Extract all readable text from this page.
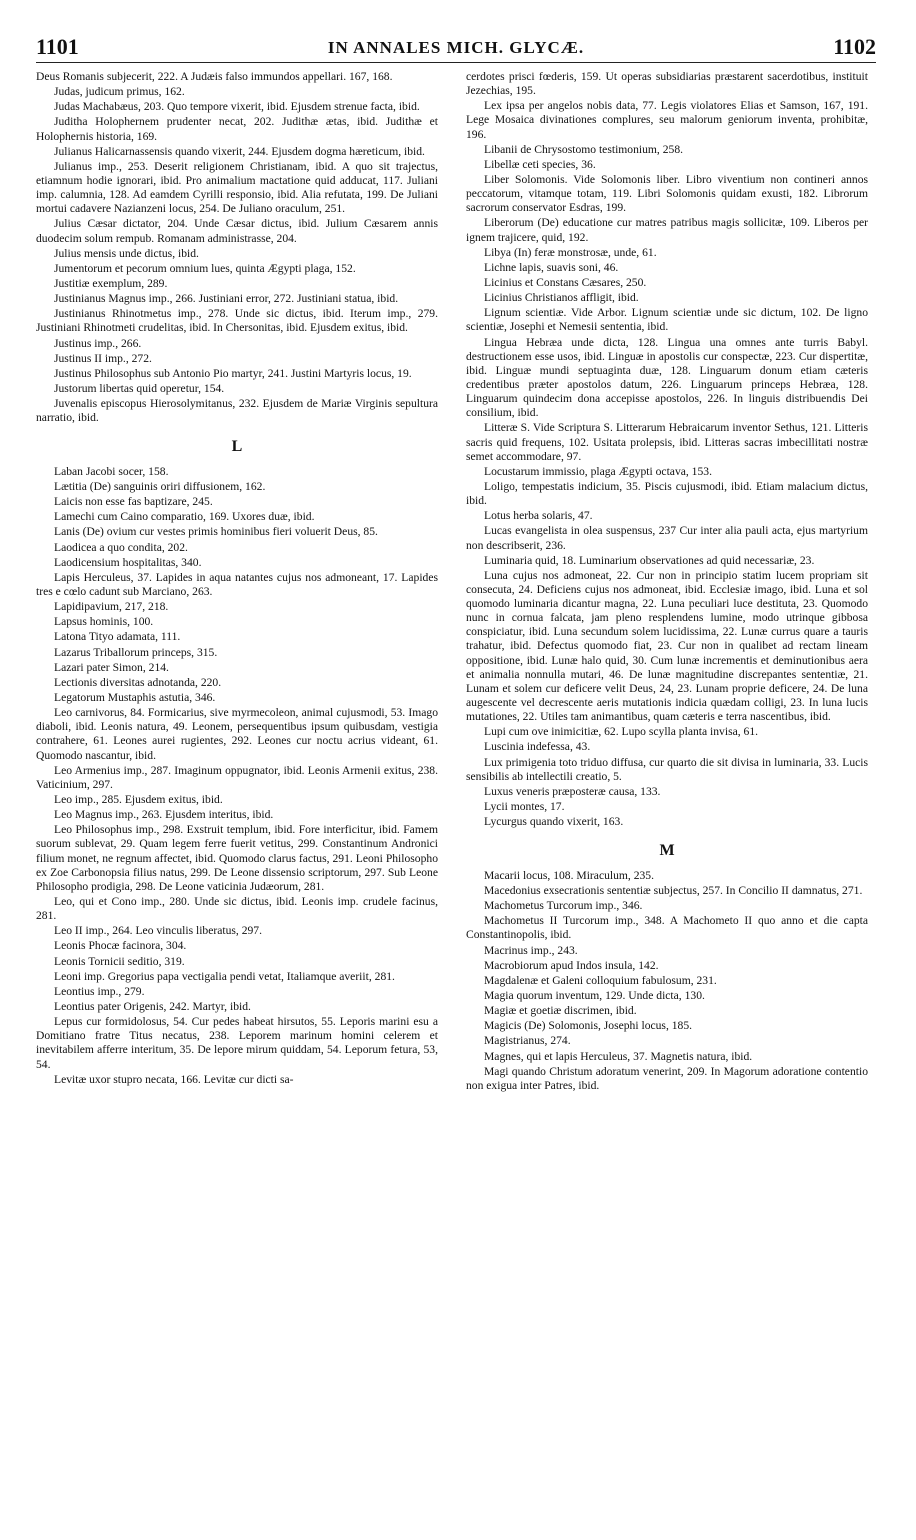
1101	IN ANNALES MICH. GLYCÆ.	1102

Deus Romanis subjecerit, 222. A Judæis falso immundos appellari. 167, 168.

Judas, judicum primus, 162.

Judas Machabæus, 203. Quo tempore vixerit, ibid. Ejusdem strenue facta, ibid.

Juditha Holophernem prudenter necat, 202. Judithæ ætas, ibid. Judithæ et Holophernis historia, 169.

Julianus Halicarnassensis quando vixerit, 244. Ejusdem dogma hæreticum, ibid.

Julianus imp., 253. Deserit religionem Christianam, ibid. A quo sit trajectus, etiamnum hodie ignorari, ibid. Pro animalium mactatione quid adducat, 117. Juliani imp. calumnia, 128. Ad eamdem Cyrilli responsio, ibid. Alia refutata, 199. De Juliani mortui cadavere Nazianzeni locus, 254. De Juliano oraculum, 251.

Julius Cæsar dictator, 204. Unde Cæsar dictus, ibid. Julium Cæsarem annis duodecim solum rempub. Romanam administrasse, 204.

Julius mensis unde dictus, ibid.

Jumentorum et pecorum omnium lues, quinta Ægypti plaga, 152.

Justitiæ exemplum, 289.

Justinianus Magnus imp., 266. Justiniani error, 272. Justiniani statua, ibid.

Justinianus Rhinotmetus imp., 278. Unde sic dictus, ibid. Iterum imp., 279. Justiniani Rhinotmeti crudelitas, ibid. In Chersonitas, ibid. Ejusdem exitus, ibid.

Justinus imp., 266.

Justinus II imp., 272.

Justinus Philosophus sub Antonio Pio martyr, 241. Justini Martyris locus, 19.

Justorum libertas quid operetur, 154.

Juvenalis episcopus Hierosolymitanus, 232. Ejusdem de Mariæ Virginis sepultura narratio, ibid.

L

Laban Jacobi socer, 158.

Lætitia (De) sanguinis oriri diffusionem, 162.

Laicis non esse fas baptizare, 245.

Lamechi cum Caino comparatio, 169. Uxores duæ, ibid.

Lanis (De) ovium cur vestes primis hominibus fieri voluerit Deus, 85.

Laodicea a quo condita, 202.

Laodicensium hospitalitas, 340.

Lapis Herculeus, 37. Lapides in aqua natantes cujus nos admoneant, 17. Lapides tres e cœlo cadunt sub Marciano, 263.

Lapidipavium, 217, 218.

Lapsus hominis, 100.

Latona Tityo adamata, 111.

Lazarus Triballorum princeps, 315.

Lazari pater Simon, 214.

Lectionis diversitas adnotanda, 220.

Legatorum Mustaphis astutia, 346.

Leo carnivorus, 84. Formicarius, sive myrmecoleon, animal cujusmodi, 53. Imago diaboli, ibid. Leonis natura, 49. Leonem, persequentibus ipsum quibusdam, vestigia contrahere, 61. Leones aurei rugientes, 292. Leones cur noctu acrius videant, 61. Quomodo nascantur, ibid.

Leo Armenius imp., 287. Imaginum oppugnator, ibid. Leonis Armenii exitus, 238. Vaticinium, 297.

Leo imp., 285. Ejusdem exitus, ibid.

Leo Magnus imp., 263. Ejusdem interitus, ibid.

Leo Philosophus imp., 298. Exstruit templum, ibid. Fore interficitur, ibid. Famem suorum sublevat, 29. Quam legem ferre fuerit vetitus, 299. Constantinum Andronici filium monet, ne regnum affectet, ibid. Quomodo clarus factus, 291. Leoni Philosopho ex Zoe Carbonopsia filius natus, 299. De Leone dissensio scriptorum, 297. Sub Leone Philosopho prodigia, 298. De Leone vaticinia Judæorum, 281.

Leo, qui et Cono imp., 280. Unde sic dictus, ibid. Leonis imp. crudele facinus, 281.

Leo II imp., 264. Leo vinculis liberatus, 297.

Leonis Phocæ facinora, 304.

Leonis Tornicii seditio, 319.

Leoni imp. Gregorius papa vectigalia pendi vetat, Italiamque averiit, 281.

Leontius imp., 279.

Leontius pater Origenis, 242. Martyr, ibid.

Lepus cur formidolosus, 54. Cur pedes habeat hirsutos, 55. Leporis marini esu a Domitiano fratre Titus necatus, 238. Leporem marinum homini celerem et inevitabilem afferre interitum, 35. De lepore mirum quiddam, 54. Leporum fetura, 53, 54.

Levitæ uxor stupro necata, 166. Levitæ cur dicti sa-

cerdotes prisci fœderis, 159. Ut operas subsidiarias præstarent sacerdotibus, instituit Jezechias, 195.

Lex ipsa per angelos nobis data, 77. Legis violatores Elias et Samson, 167, 191. Lege Mosaica divinationes complures, seu malorum geniorum inventa, prohibitæ, 196.

Libanii de Chrysostomo testimonium, 258.

Libellæ ceti species, 36.

Liber Solomonis. Vide Solomonis liber. Libro viventium non contineri annos peccatorum, vitamque totam, 119. Libri Solomonis quidam exusti, 182. Librorum sacrorum conservator Esdras, 199.

Liberorum (De) educatione cur matres patribus magis sollicitæ, 109. Liberos per ignem trajicere, quid, 192.

Libya (In) feræ monstrosæ, unde, 61.

Lichne lapis, suavis soni, 46.

Licinius et Constans Cæsares, 250.

Licinius Christianos affligit, ibid.

Lignum scientiæ. Vide Arbor. Lignum scientiæ unde sic dictum, 102. De ligno scientiæ, Josephi et Nemesii sententia, ibid.

Lingua Hebræa unde dicta, 128. Lingua una omnes ante turris Babyl. destructionem esse usos, ibid. Linguæ in apostolis cur conspectæ, 223. Cur dispertitæ, ibid. Linguæ mundi septuaginta duæ, 128. Linguarum donum etiam cæteris credentibus præter apostolos datum, 226. Linguarum princeps Hebræa, 128. Linguarum quindecim dona accepisse apostolos, 226. In linguis distribuendis Dei consilium, ibid.

Litteræ S. Vide Scriptura S. Litterarum Hebraicarum inventor Sethus, 121. Litteris sacris quid frequens, 102. Usitata prolepsis, ibid. Litteras sacras imbecillitati nostræ semet accommodare, 97.

Locustarum immissio, plaga Ægypti octava, 153.

Loligo, tempestatis indicium, 35. Piscis cujusmodi, ibid. Etiam malacium dictus, ibid.

Lotus herba solaris, 47.

Lucas evangelista in olea suspensus, 237 Cur inter alia pauli acta, ejus martyrium non describserit, 236.

Luminaria quid, 18. Luminarium observationes ad quid necessariæ, 23.

Luna cujus nos admoneat, 22. Cur non in principio statim lucem propriam sit consecuta, 24. Deficiens cujus nos admoneat, ibid. Ecclesiæ imago, ibid. Luna et sol quomodo luminaria dicantur magna, 22. Luna peculiari luce destituta, 23. Quomodo nunc in cornua falcata, jam pleno resplendens lumine, modo utrinque gibbosa conspiciatur, ibid. Luna secundum solem lucidissima, 22. Lunæ currus quare a tauris trahatur, ibid. Defectus quomodo fiat, 23. Cur non in qualibet ad rectam lineam oppositione, ibid. Lunæ halo quid, 30. Cum lunæ incrementis et deminutionibus aera et animalia nonnulla mutari, 46. De lunæ magnitudine discrepantes sententiæ, 21. Lunam et solem cur deficere velit Deus, 24, 23. Lunam proprie deficere, 24. De luna augescente vel decrescente aeris mutationis indicia quædam colligi, 23. In luna lucis mutationes, 22. Utiles tam animantibus, quam cæteris e terra nascentibus, ibid.

Lupi cum ove inimicitiæ, 62. Lupo scylla planta invisa, 61.

Luscinia indefessa, 43.

Lux primigenia toto triduo diffusa, cur quarto die sit divisa in luminaria, 33. Lucis sensibilis ab intellectili creatio, 5.

Luxus veneris præposteræ causa, 133.

Lycii montes, 17.

Lycurgus quando vixerit, 163.

M

Macarii locus, 108. Miraculum, 235.

Macedonius exsecrationis sententiæ subjectus, 257. In Concilio II damnatus, 271.

Machometus Turcorum imp., 346.

Machometus II Turcorum imp., 348. A Machometo II quo anno et die capta Constantinopolis, ibid.

Macrinus imp., 243.

Macrobiorum apud Indos insula, 142.

Magdalenæ et Galeni colloquium fabulosum, 231.

Magia quorum inventum, 129. Unde dicta, 130.

Magiæ et goetiæ discrimen, ibid.

Magicis (De) Solomonis, Josephi locus, 185.

Magistrianus, 274.

Magnes, qui et lapis Herculeus, 37. Magnetis natura, ibid.

Magi quando Christum adoratum venerint, 209. In Magorum adoratione contentio non exigua inter Patres, ibid.
